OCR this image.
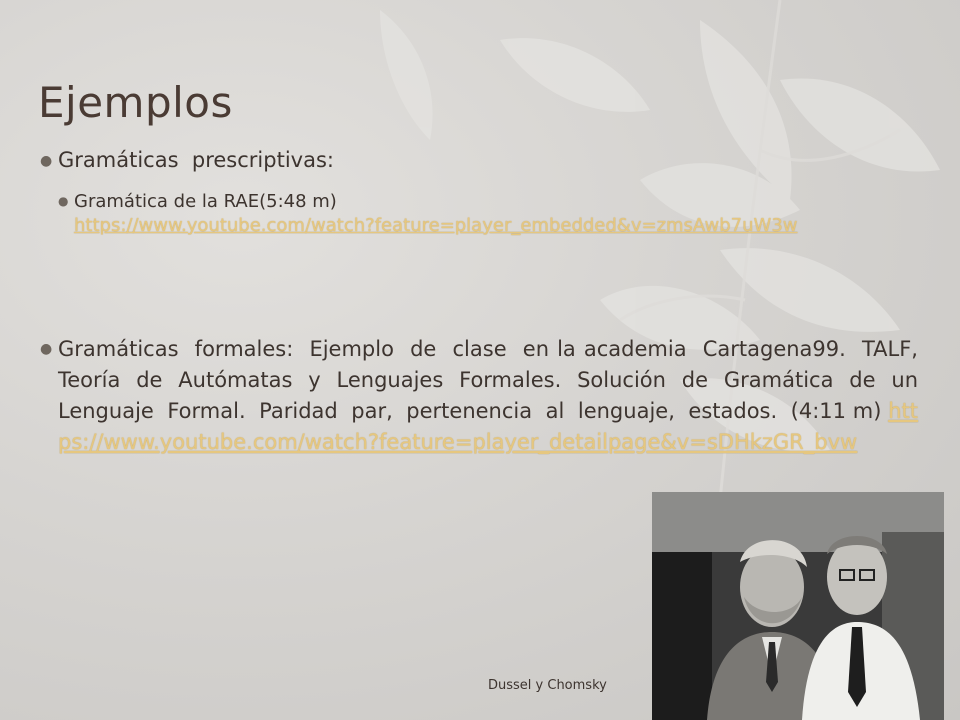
Ejemplos
● Gramáticas  prescriptivas:
● Gramática de la RAE(5:48 m)
https://www.youtube.com/watch?feature=player_embedded&v=zmsAwb7uW3w
● Gramáticas  formales:  Ejemplo  de  clase  en la academia  Cartagena99.  TALF,  Teoría  de  Autómatas  y  Lenguajes  Formales.  Solución  de  Gramática  de  un  Lenguaje  Formal.  Paridad  par,  pertenencia  al  lenguaje,  estados.  (4:11 m) https://www.youtube.com/watch?feature=player_detailpage&v=sDHkzGR_bvw
Dussel y Chomsky
